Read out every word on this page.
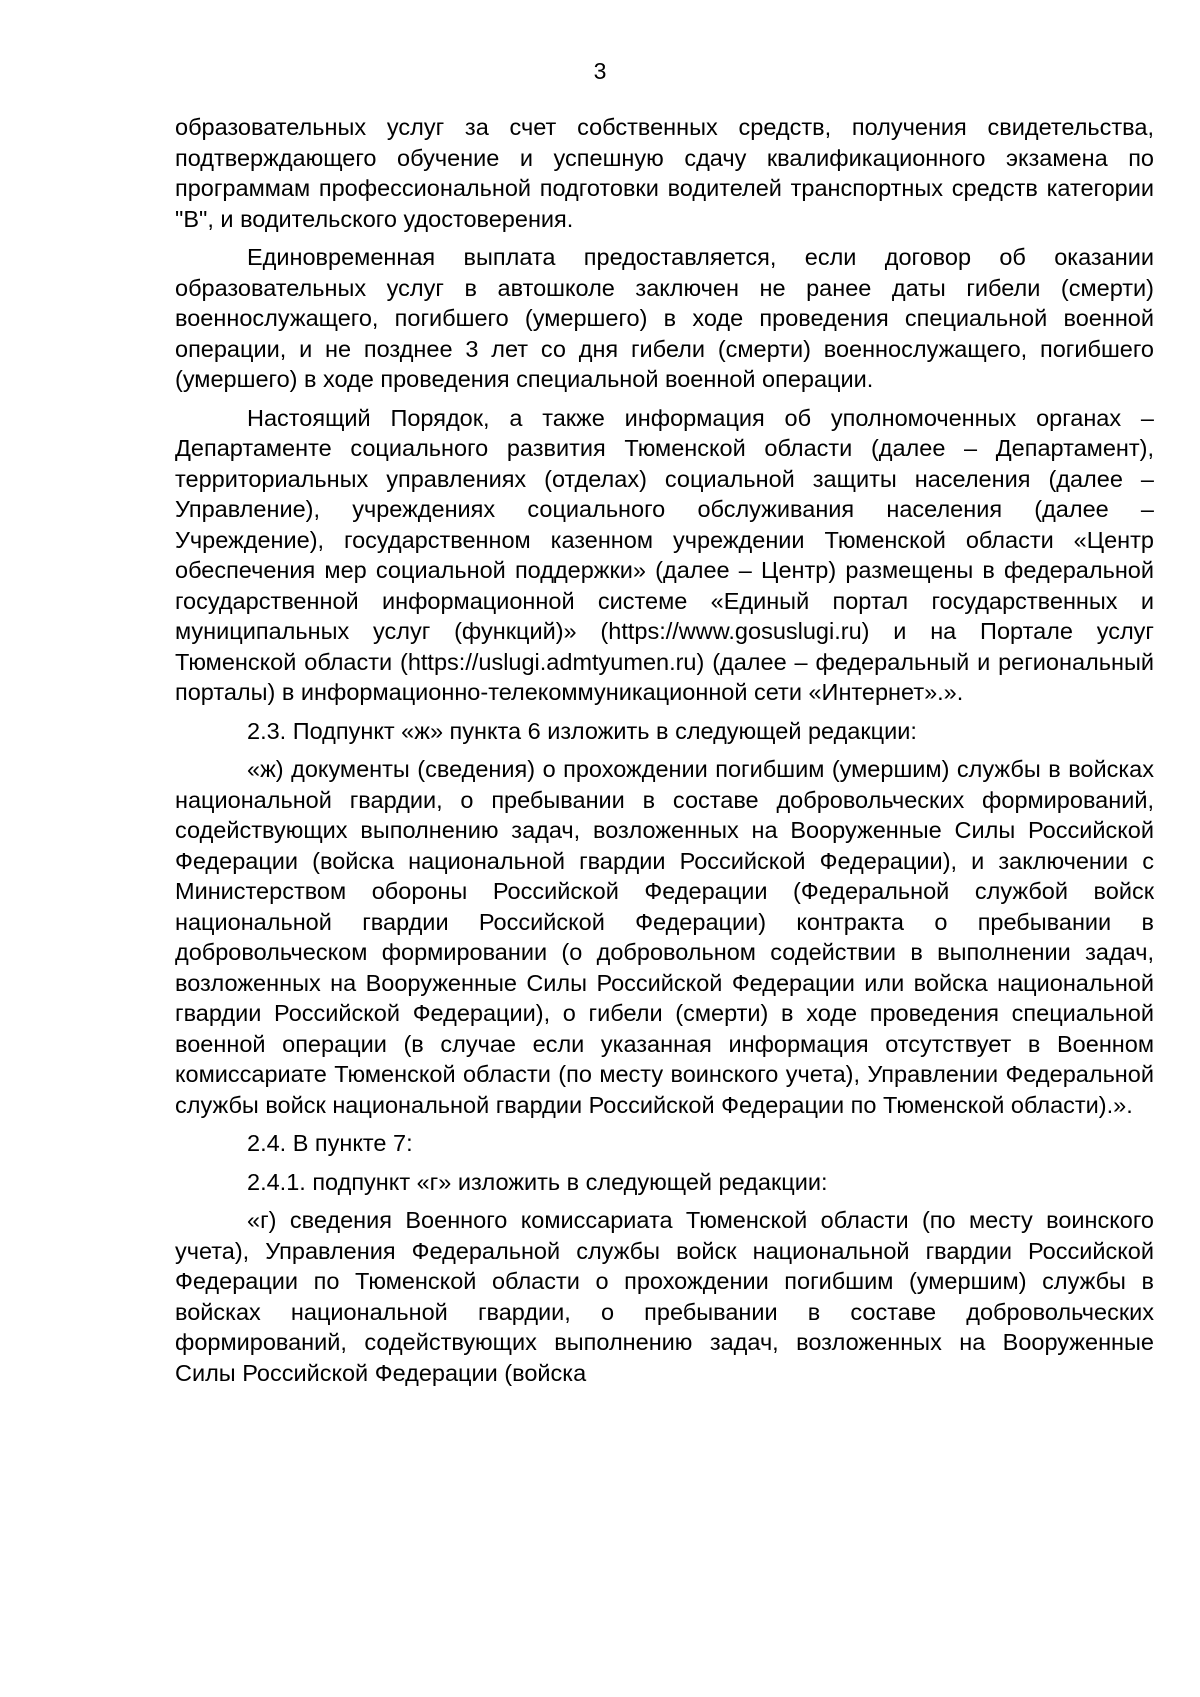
3

образовательных услуг за счет собственных средств, получения свидетельства, подтверждающего обучение и успешную сдачу квалификационного экзамена по программам профессиональной подготовки водителей транспортных средств категории "B", и водительского удостоверения.

Единовременная выплата предоставляется, если договор об оказании образовательных услуг в автошколе заключен не ранее даты гибели (смерти) военнослужащего, погибшего (умершего) в ходе проведения специальной военной операции, и не позднее 3 лет со дня гибели (смерти) военнослужащего, погибшего (умершего) в ходе проведения специальной военной операции.

Настоящий Порядок, а также информация об уполномоченных органах – Департаменте социального развития Тюменской области (далее – Департамент), территориальных управлениях (отделах) социальной защиты населения (далее – Управление), учреждениях социального обслуживания населения (далее – Учреждение), государственном казенном учреждении Тюменской области «Центр обеспечения мер социальной поддержки» (далее – Центр) размещены в федеральной государственной информационной системе «Единый портал государственных и муниципальных услуг (функций)» (https://www.gosuslugi.ru) и на Портале услуг Тюменской области (https://uslugi.admtyumen.ru) (далее – федеральный и региональный порталы) в информационно-телекоммуникационной сети «Интернет».».

2.3. Подпункт «ж» пункта 6 изложить в следующей редакции:

«ж) документы (сведения) о прохождении погибшим (умершим) службы в войсках национальной гвардии, о пребывании в составе добровольческих формирований, содействующих выполнению задач, возложенных на Вооруженные Силы Российской Федерации (войска национальной гвардии Российской Федерации), и заключении с Министерством обороны Российской Федерации (Федеральной службой войск национальной гвардии Российской Федерации) контракта о пребывании в добровольческом формировании (о добровольном содействии в выполнении задач, возложенных на Вооруженные Силы Российской Федерации или войска национальной гвардии Российской Федерации), о гибели (смерти) в ходе проведения специальной военной операции (в случае если указанная информация отсутствует в Военном комиссариате Тюменской области (по месту воинского учета), Управлении Федеральной службы войск национальной гвардии Российской Федерации по Тюменской области).».

2.4. В пункте 7:

2.4.1. подпункт «г» изложить в следующей редакции:

«г) сведения Военного комиссариата Тюменской области (по месту воинского учета), Управления Федеральной службы войск национальной гвардии Российской Федерации по Тюменской области о прохождении погибшим (умершим) службы в войсках национальной гвардии, о пребывании в составе добровольческих формирований, содействующих выполнению задач, возложенных на Вооруженные Силы Российской Федерации (войска
